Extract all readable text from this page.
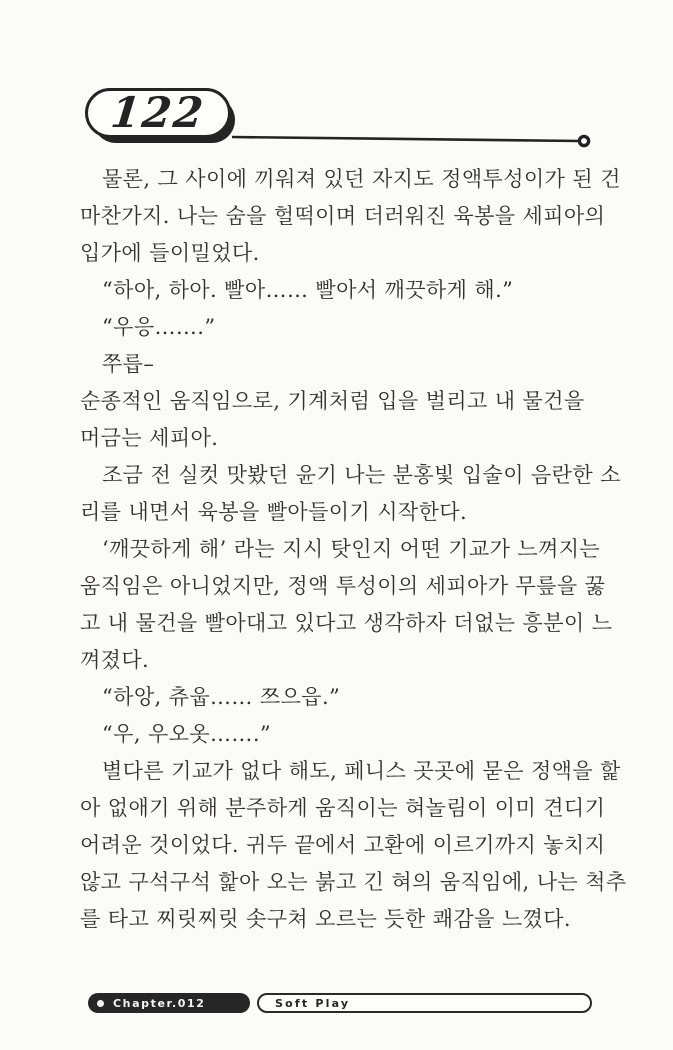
122
물론, 그 사이에 끼워져 있던 자지도 정액투성이가 된 건
마찬가지. 나는 숨을 헐떡이며 더러워진 육봉을 세피아의
입가에 들이밀었다.
“하아, 하아. 빨아…… 빨아서 깨끗하게 해.”
“우응…….”
쭈릅–
순종적인 움직임으로, 기계처럼 입을 벌리고 내 물건을
머금는 세피아.
조금 전 실컷 맛봤던 윤기 나는 분홍빛 입술이 음란한 소
리를 내면서 육봉을 빨아들이기 시작한다.
‘깨끗하게 해’ 라는 지시 탓인지 어떤 기교가 느껴지는
움직임은 아니었지만, 정액 투성이의 세피아가 무릎을 꿇
고 내 물건을 빨아대고 있다고 생각하자 더없는 흥분이 느
껴졌다.
“하앙, 츄웁…… 쯔으읍.”
“우, 우오옷…….”
별다른 기교가 없다 해도, 페니스 곳곳에 묻은 정액을 핥
아 없애기 위해 분주하게 움직이는 혀놀림이 이미 견디기
어려운 것이었다. 귀두 끝에서 고환에 이르기까지 놓치지
않고 구석구석 핥아 오는 붉고 긴 혀의 움직임에, 나는 척추
를 타고 찌릿찌릿 솟구쳐 오르는 듯한 쾌감을 느꼈다.
Chapter.012	Soft Play
